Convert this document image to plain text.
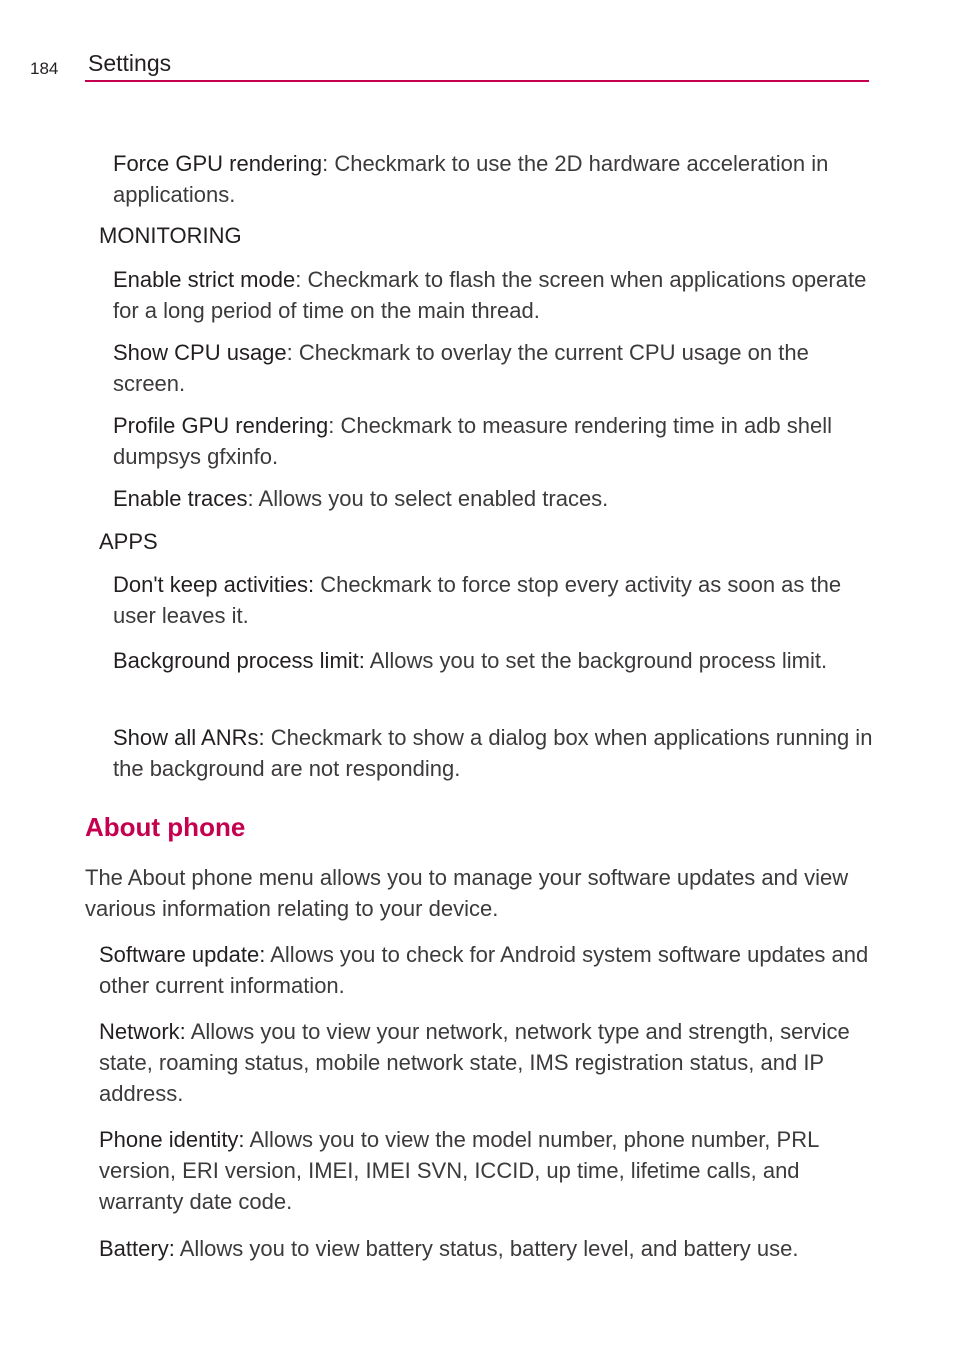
184 Settings

Force GPU rendering: Checkmark to use the 2D hardware acceleration in applications.

MONITORING

Enable strict mode: Checkmark to flash the screen when applications operate for a long period of time on the main thread.

Show CPU usage: Checkmark to overlay the current CPU usage on the screen.

Profile GPU rendering: Checkmark to measure rendering time in adb shell dumpsys gfxinfo.

Enable traces: Allows you to select enabled traces.

APPS

Don't keep activities: Checkmark to force stop every activity as soon as the user leaves it.

Background process limit: Allows you to set the background process limit.

Show all ANRs: Checkmark to show a dialog box when applications running in the background are not responding.

About phone

The About phone menu allows you to manage your software updates and view various information relating to your device.

Software update: Allows you to check for Android system software updates and other current information.

Network: Allows you to view your network, network type and strength, service state, roaming status, mobile network state, IMS registration status, and IP address.

Phone identity: Allows you to view the model number, phone number, PRL version, ERI version, IMEI, IMEI SVN, ICCID, up time, lifetime calls, and warranty date code.

Battery: Allows you to view battery status, battery level, and battery use.
